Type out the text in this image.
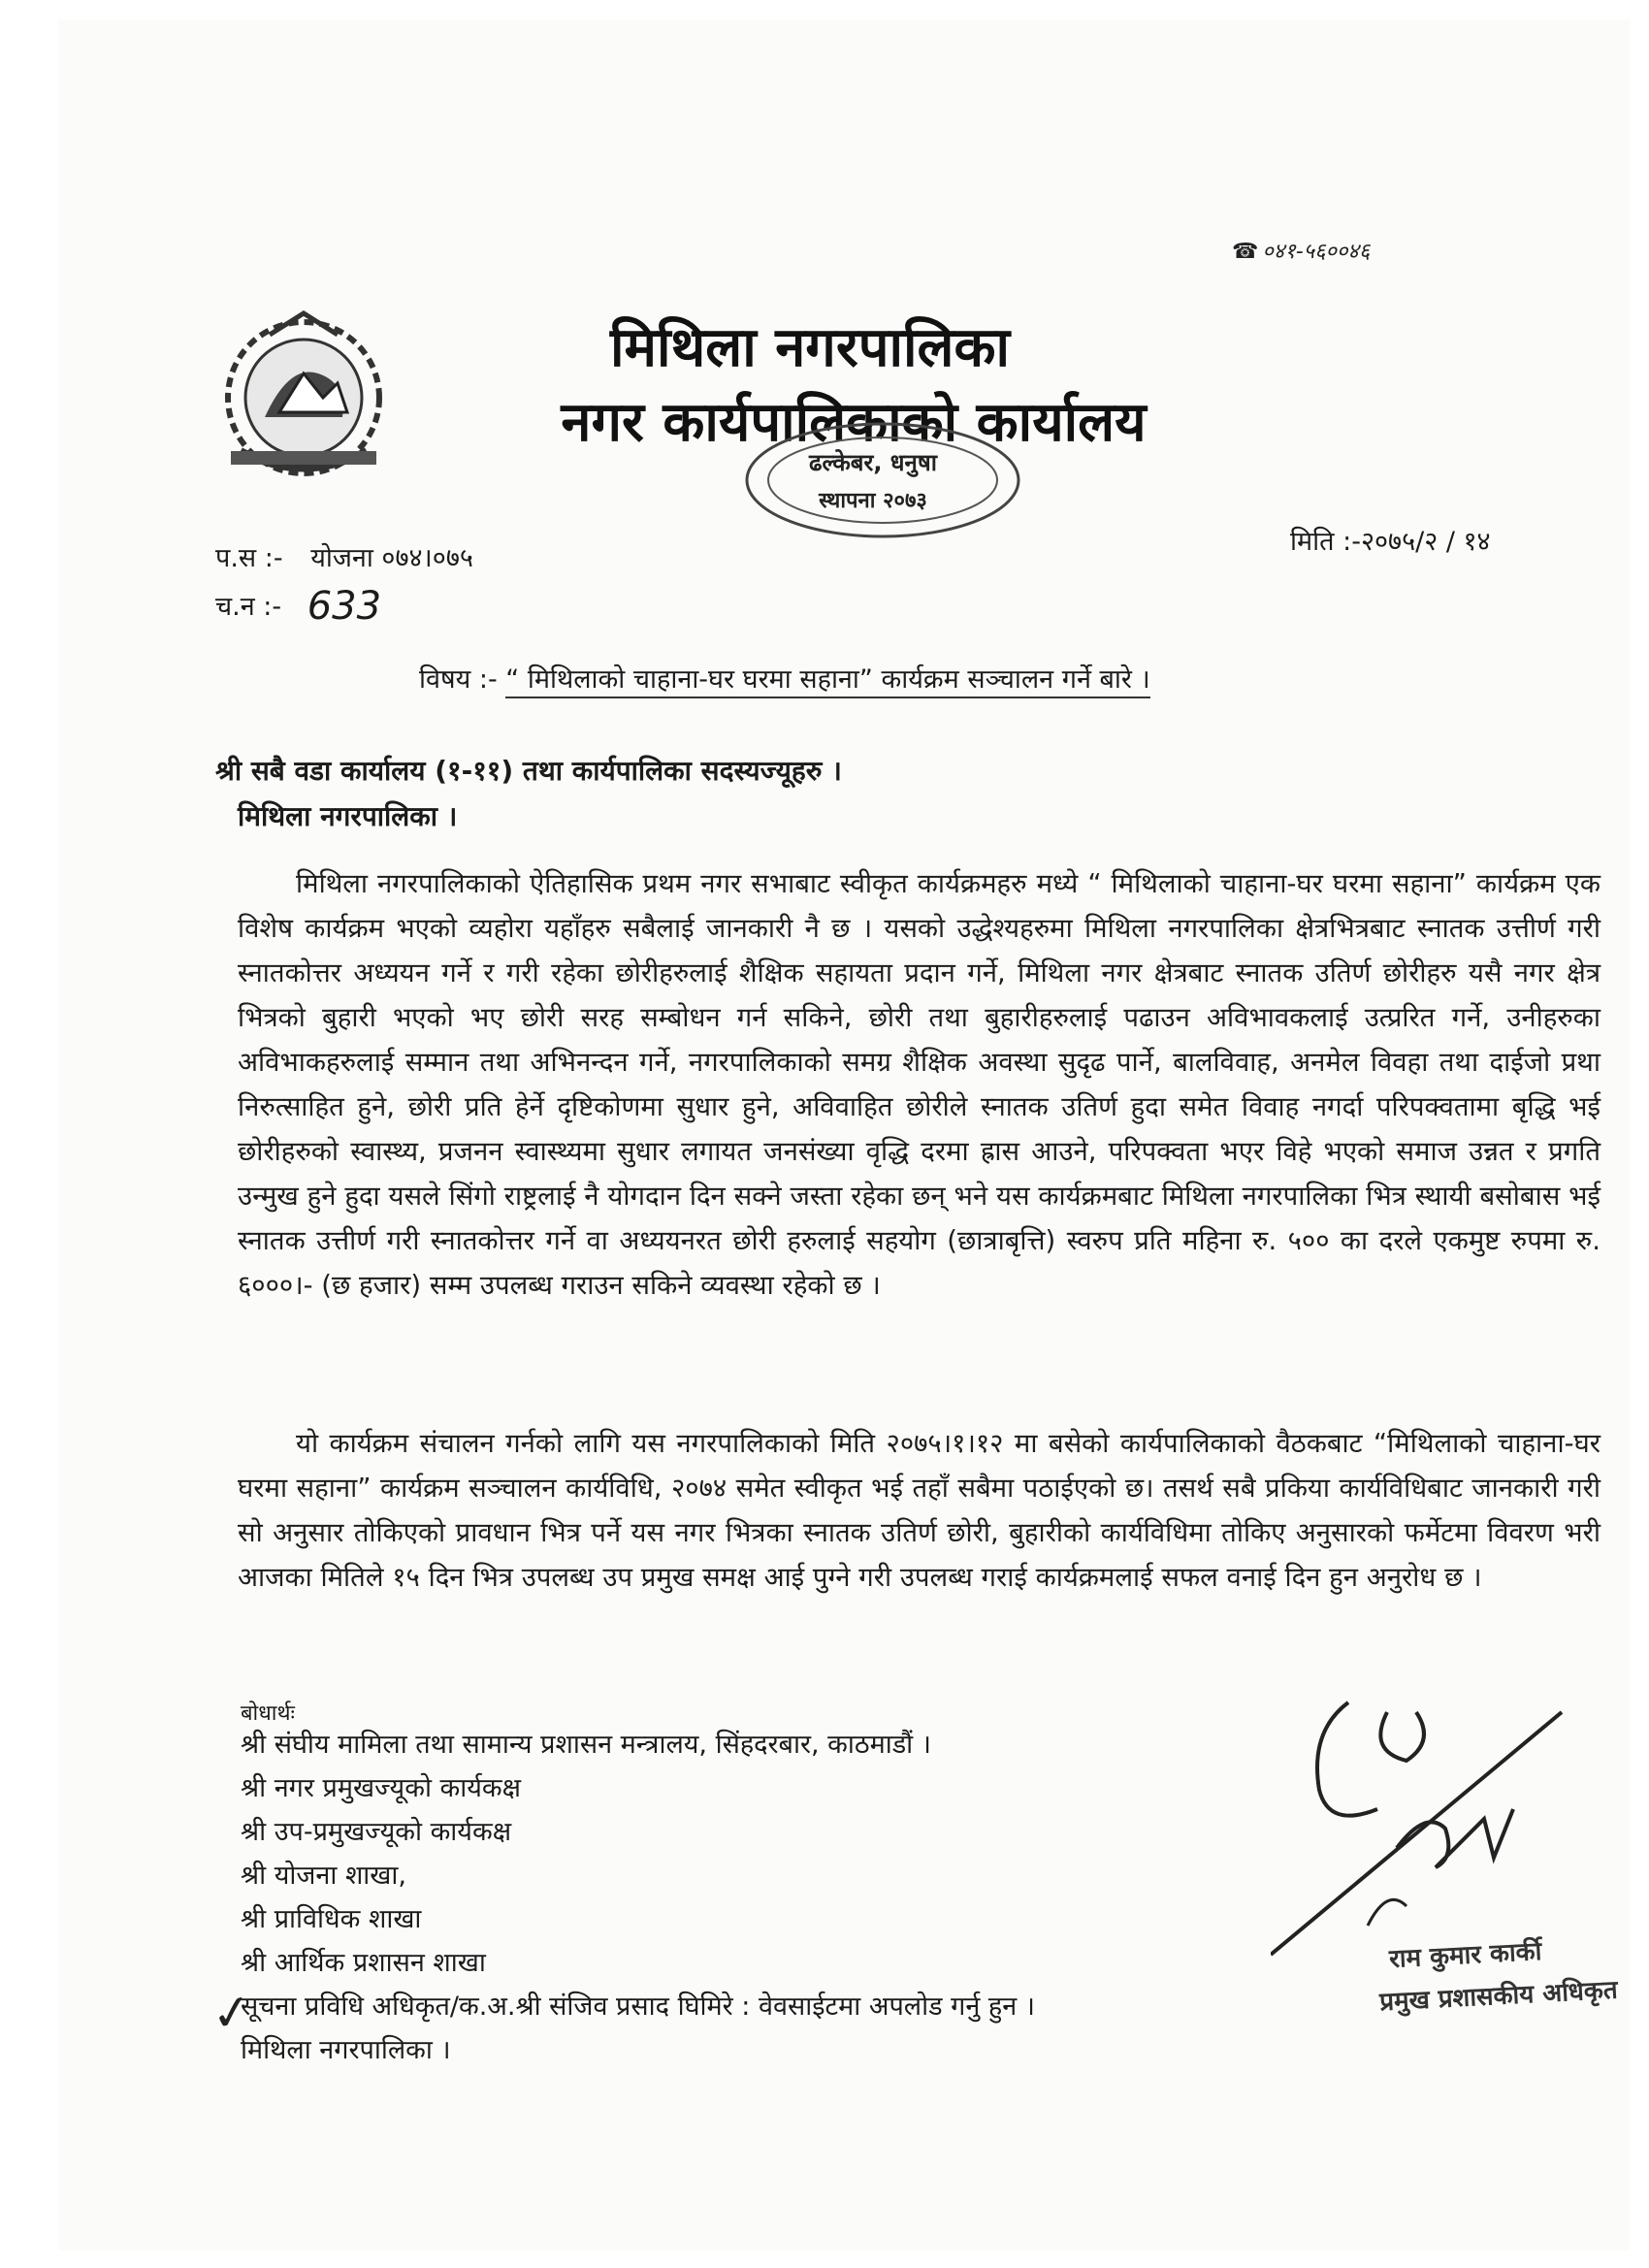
☎ ०४१-५६००४६
मिथिला नगरपालिका
नगर कार्यपालिकाको कार्यालय
ढल्केबर, धनुषा
स्थापना २०७३
प.स :- योजना ०७४।०७५
च.न :- 633
मिति :-२०७५/२ / १४
विषय :- “ मिथिलाको चाहाना-घर घरमा सहाना” कार्यक्रम सञ्चालन गर्ने बारे ।
श्री सबै वडा कार्यालय (१-११) तथा कार्यपालिका सदस्यज्यूहरु ।
मिथिला नगरपालिका ।
मिथिला नगरपालिकाको ऐतिहासिक प्रथम नगर सभाबाट स्वीकृत कार्यक्रमहरु मध्ये “ मिथिलाको चाहाना-घर घरमा सहाना” कार्यक्रम एक विशेष कार्यक्रम भएको व्यहोरा यहाँहरु सबैलाई जानकारी नै छ । यसको उद्धेश्यहरुमा मिथिला नगरपालिका क्षेत्रभित्रबाट स्नातक उत्तीर्ण गरी स्नातकोत्तर अध्ययन गर्ने र गरी रहेका छोरीहरुलाई शैक्षिक सहायता प्रदान गर्ने, मिथिला नगर क्षेत्रबाट स्नातक उतिर्ण छोरीहरु यसै नगर क्षेत्र भित्रको बुहारी भएको भए छोरी सरह सम्बोधन गर्न सकिने, छोरी तथा बुहारीहरुलाई पढाउन अविभावकलाई उत्प्ररित गर्ने, उनीहरुका अविभाकहरुलाई सम्मान तथा अभिनन्दन गर्ने, नगरपालिकाको समग्र शैक्षिक अवस्था सुदृढ पार्ने, बालविवाह, अनमेल विवहा तथा दाईजो प्रथा निरुत्साहित हुने, छोरी प्रति हेर्ने दृष्टिकोणमा सुधार हुने, अविवाहित छोरीले स्नातक उतिर्ण हुदा समेत विवाह नगर्दा परिपक्वतामा बृद्धि भई छोरीहरुको स्वास्थ्य, प्रजनन स्वास्थ्यमा सुधार लगायत जनसंख्या वृद्धि दरमा ह्रास आउने, परिपक्वता भएर विहे भएको समाज उन्नत र प्रगति उन्मुख हुने हुदा यसले सिंगो राष्ट्रलाई नै योगदान दिन सक्ने जस्ता रहेका छन् भने यस कार्यक्रमबाट मिथिला नगरपालिका भित्र स्थायी बसोबास भई स्नातक उत्तीर्ण गरी स्नातकोत्तर गर्ने वा अध्ययनरत छोरी हरुलाई सहयोग (छात्राबृत्ति) स्वरुप प्रति महिना रु. ५०० का दरले एकमुष्ट रुपमा रु. ६०००।- (छ हजार) सम्म उपलब्ध गराउन सकिने व्यवस्था रहेको छ ।
यो कार्यक्रम संचालन गर्नको लागि यस नगरपालिकाको मिति २०७५।१।१२ मा बसेको कार्यपालिकाको वैठकबाट “मिथिलाको चाहाना-घर घरमा सहाना” कार्यक्रम सञ्चालन कार्यविधि, २०७४ समेत स्वीकृत भई तहाँ सबैमा पठाईएको छ। तसर्थ सबै प्रकिया कार्यविधिबाट जानकारी गरी सो अनुसार तोकिएको प्रावधान भित्र पर्ने यस नगर भित्रका स्नातक उतिर्ण छोरी, बुहारीको कार्यविधिमा तोकिए अनुसारको फर्मेटमा विवरण भरी आजका मितिले १५ दिन भित्र उपलब्ध उप प्रमुख समक्ष आई पुग्ने गरी उपलब्ध गराई कार्यक्रमलाई सफल वनाई दिन हुन अनुरोध छ ।
बोधार्थः
श्री संघीय मामिला तथा सामान्य प्रशासन मन्त्रालय, सिंहदरबार, काठमाडौं ।
श्री नगर प्रमुखज्यूको कार्यकक्ष
श्री उप-प्रमुखज्यूको कार्यकक्ष
श्री योजना शाखा,
श्री प्राविधिक शाखा
श्री आर्थिक प्रशासन शाखा
सूचना प्रविधि अधिकृत/क.अ.श्री संजिव प्रसाद घिमिरे : वेवसाईटमा अपलोड गर्नु हुन ।
मिथिला नगरपालिका ।
✓
राम कुमार कार्की
प्रमुख प्रशासकीय अधिकृत
